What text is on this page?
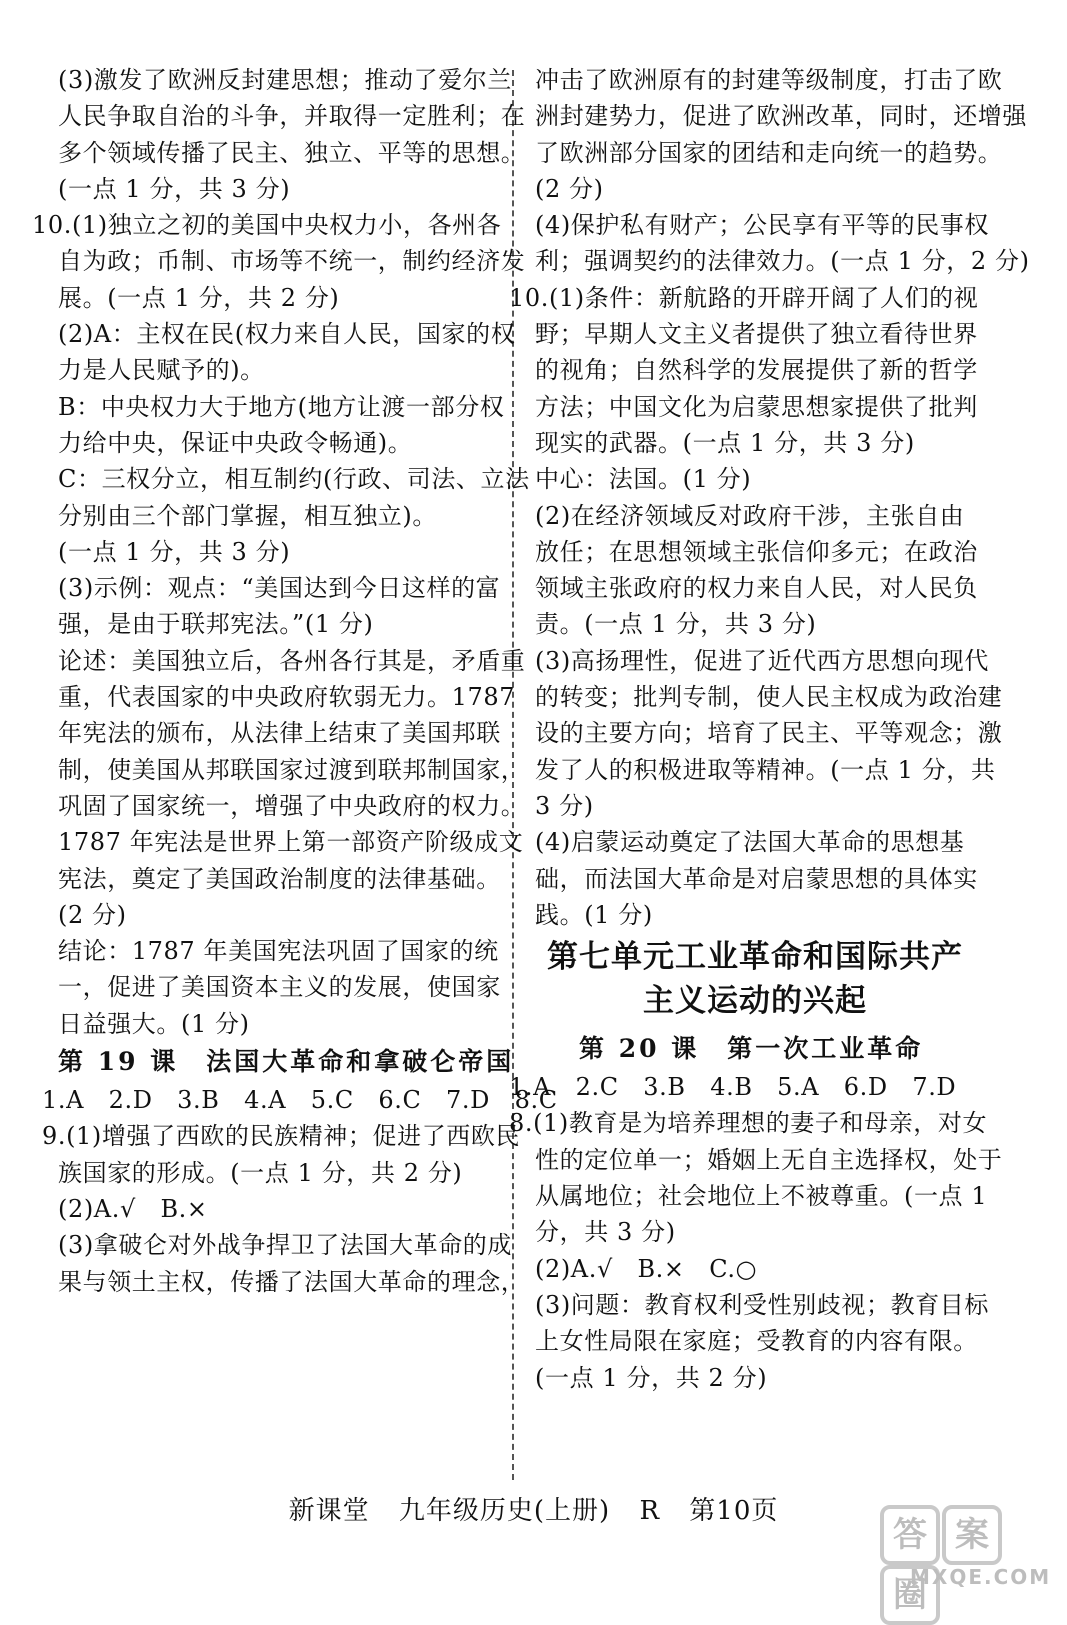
(3)激发了欧洲反封建思想；推动了爱尔兰
人民争取自治的斗争，并取得一定胜利；在
多个领域传播了民主、独立、平等的思想。
(一点 1 分，共 3 分)
10.(1)独立之初的美国中央权力小，各州各
自为政；币制、市场等不统一，制约经济发
展。(一点 1 分，共 2 分)
(2)A：主权在民(权力来自人民，国家的权
力是人民赋予的)。
B：中央权力大于地方(地方让渡一部分权
力给中央，保证中央政令畅通)。
C：三权分立，相互制约(行政、司法、立法
分别由三个部门掌握，相互独立)。
(一点 1 分，共 3 分)
(3)示例：观点：“美国达到今日这样的富
强，是由于联邦宪法。”(1 分)
论述：美国独立后，各州各行其是，矛盾重
重，代表国家的中央政府软弱无力。1787
年宪法的颁布，从法律上结束了美国邦联
制，使美国从邦联国家过渡到联邦制国家，
巩固了国家统一，增强了中央政府的权力。
1787 年宪法是世界上第一部资产阶级成文
宪法，奠定了美国政治制度的法律基础。
(2 分)
结论：1787 年美国宪法巩固了国家的统
一，促进了美国资本主义的发展，使国家
日益强大。(1 分)
第 19 课　法国大革命和拿破仑帝国
1.A　2.D　3.B　4.A　5.C　6.C　7.D　8.C
9.(1)增强了西欧的民族精神；促进了西欧民
族国家的形成。(一点 1 分，共 2 分)
(2)A.√　B.×
(3)拿破仑对外战争捍卫了法国大革命的成
果与领土主权，传播了法国大革命的理念，
冲击了欧洲原有的封建等级制度，打击了欧
洲封建势力，促进了欧洲改革，同时，还增强
了欧洲部分国家的团结和走向统一的趋势。
(2 分)
(4)保护私有财产；公民享有平等的民事权
利；强调契约的法律效力。(一点 1 分，2 分)
10.(1)条件：新航路的开辟开阔了人们的视
野；早期人文主义者提供了独立看待世界
的视角；自然科学的发展提供了新的哲学
方法；中国文化为启蒙思想家提供了批判
现实的武器。(一点 1 分，共 3 分)
中心：法国。(1 分)
(2)在经济领域反对政府干涉，主张自由
放任；在思想领域主张信仰多元；在政治
领域主张政府的权力来自人民，对人民负
责。(一点 1 分，共 3 分)
(3)高扬理性，促进了近代西方思想向现代
的转变；批判专制，使人民主权成为政治建
设的主要方向；培育了民主、平等观念；激
发了人的积极进取等精神。(一点 1 分，共
3 分)
(4)启蒙运动奠定了法国大革命的思想基
础，而法国大革命是对启蒙思想的具体实
践。(1 分)
第七单元工业革命和国际共产
主义运动的兴起
第 20 课　第一次工业革命
1.A　2.C　3.B　4.B　5.A　6.D　7.D
8.(1)教育是为培养理想的妻子和母亲，对女
性的定位单一；婚姻上无自主选择权，处于
从属地位；社会地位上不被尊重。(一点 1
分，共 3 分)
(2)A.√　B.×　C.○
(3)问题：教育权利受性别歧视；教育目标
上女性局限在家庭；受教育的内容有限。
(一点 1 分，共 2 分)
新课堂 九年级历史(上册) R 第10页
答 案圈
MXQE.COM
